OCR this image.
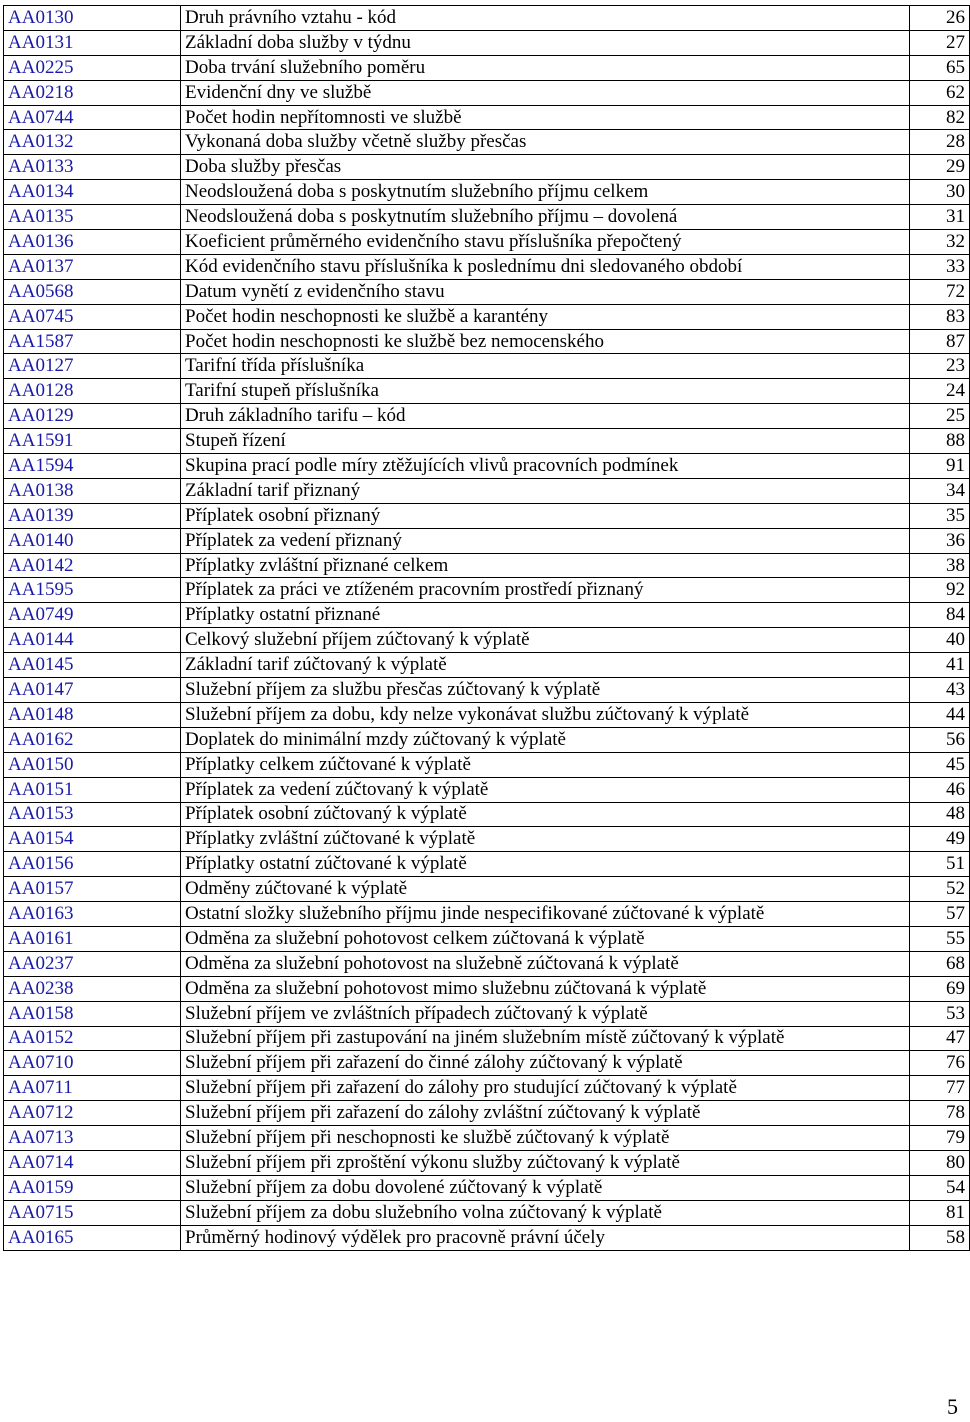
AA0130	Druh právního vztahu - kód	26
AA0131	Základní doba služby v týdnu	27
AA0225	Doba trvání služebního poměru	65
AA0218	Evidenční dny ve službě	62
AA0744	Počet hodin nepřítomnosti ve službě	82
AA0132	Vykonaná doba služby včetně služby přesčas	28
AA0133	Doba služby přesčas	29
AA0134	Neodsloužená doba s poskytnutím služebního příjmu celkem	30
AA0135	Neodsloužená doba s poskytnutím služebního příjmu – dovolená	31
AA0136	Koeficient průměrného evidenčního stavu příslušníka přepočtený	32
AA0137	Kód evidenčního stavu příslušníka k poslednímu dni sledovaného období	33
AA0568	Datum vynětí z evidenčního stavu	72
AA0745	Počet hodin neschopnosti ke službě a karantény	83
AA1587	Počet hodin neschopnosti ke službě bez nemocenského	87
AA0127	Tarifní třída příslušníka	23
AA0128	Tarifní stupeň příslušníka	24
AA0129	Druh základního tarifu – kód	25
AA1591	Stupeň řízení	88
AA1594	Skupina prací podle míry ztěžujících vlivů pracovních podmínek	91
AA0138	Základní tarif přiznaný	34
AA0139	Příplatek osobní přiznaný	35
AA0140	Příplatek za vedení přiznaný	36
AA0142	Příplatky zvláštní přiznané celkem	38
AA1595	Příplatek za práci ve ztíženém pracovním prostředí přiznaný	92
AA0749	Příplatky ostatní přiznané	84
AA0144	Celkový služební příjem zúčtovaný k výplatě	40
AA0145	Základní tarif zúčtovaný k výplatě	41
AA0147	Služební příjem za službu přesčas zúčtovaný k výplatě	43
AA0148	Služební příjem za dobu, kdy nelze vykonávat službu zúčtovaný k výplatě	44
AA0162	Doplatek do minimální mzdy zúčtovaný k výplatě	56
AA0150	Příplatky celkem zúčtované k výplatě	45
AA0151	Příplatek za vedení zúčtovaný k výplatě	46
AA0153	Příplatek osobní zúčtovaný k výplatě	48
AA0154	Příplatky zvláštní zúčtované k výplatě	49
AA0156	Příplatky ostatní zúčtované k výplatě	51
AA0157	Odměny zúčtované k výplatě	52
AA0163	Ostatní složky služebního příjmu jinde nespecifikované zúčtované k výplatě	57
AA0161	Odměna za služební pohotovost celkem zúčtovaná k výplatě	55
AA0237	Odměna za služební pohotovost na služebně zúčtovaná k výplatě	68
AA0238	Odměna za služební pohotovost mimo služebnu zúčtovaná k výplatě	69
AA0158	Služební příjem ve zvláštních případech zúčtovaný k výplatě	53
AA0152	Služební příjem při zastupování na jiném služebním místě zúčtovaný k výplatě	47
AA0710	Služební příjem při zařazení do činné zálohy zúčtovaný k výplatě	76
AA0711	Služební příjem při zařazení do zálohy pro studující zúčtovaný k výplatě	77
AA0712	Služební příjem při zařazení do zálohy zvláštní zúčtovaný k výplatě	78
AA0713	Služební příjem při neschopnosti ke službě zúčtovaný k výplatě	79
AA0714	Služební příjem při zproštění výkonu služby zúčtovaný k výplatě	80
AA0159	Služební příjem za dobu dovolené zúčtovaný k výplatě	54
AA0715	Služební příjem za dobu služebního volna zúčtovaný k výplatě	81
AA0165	Průměrný hodinový výdělek pro pracovně právní účely	58
5
